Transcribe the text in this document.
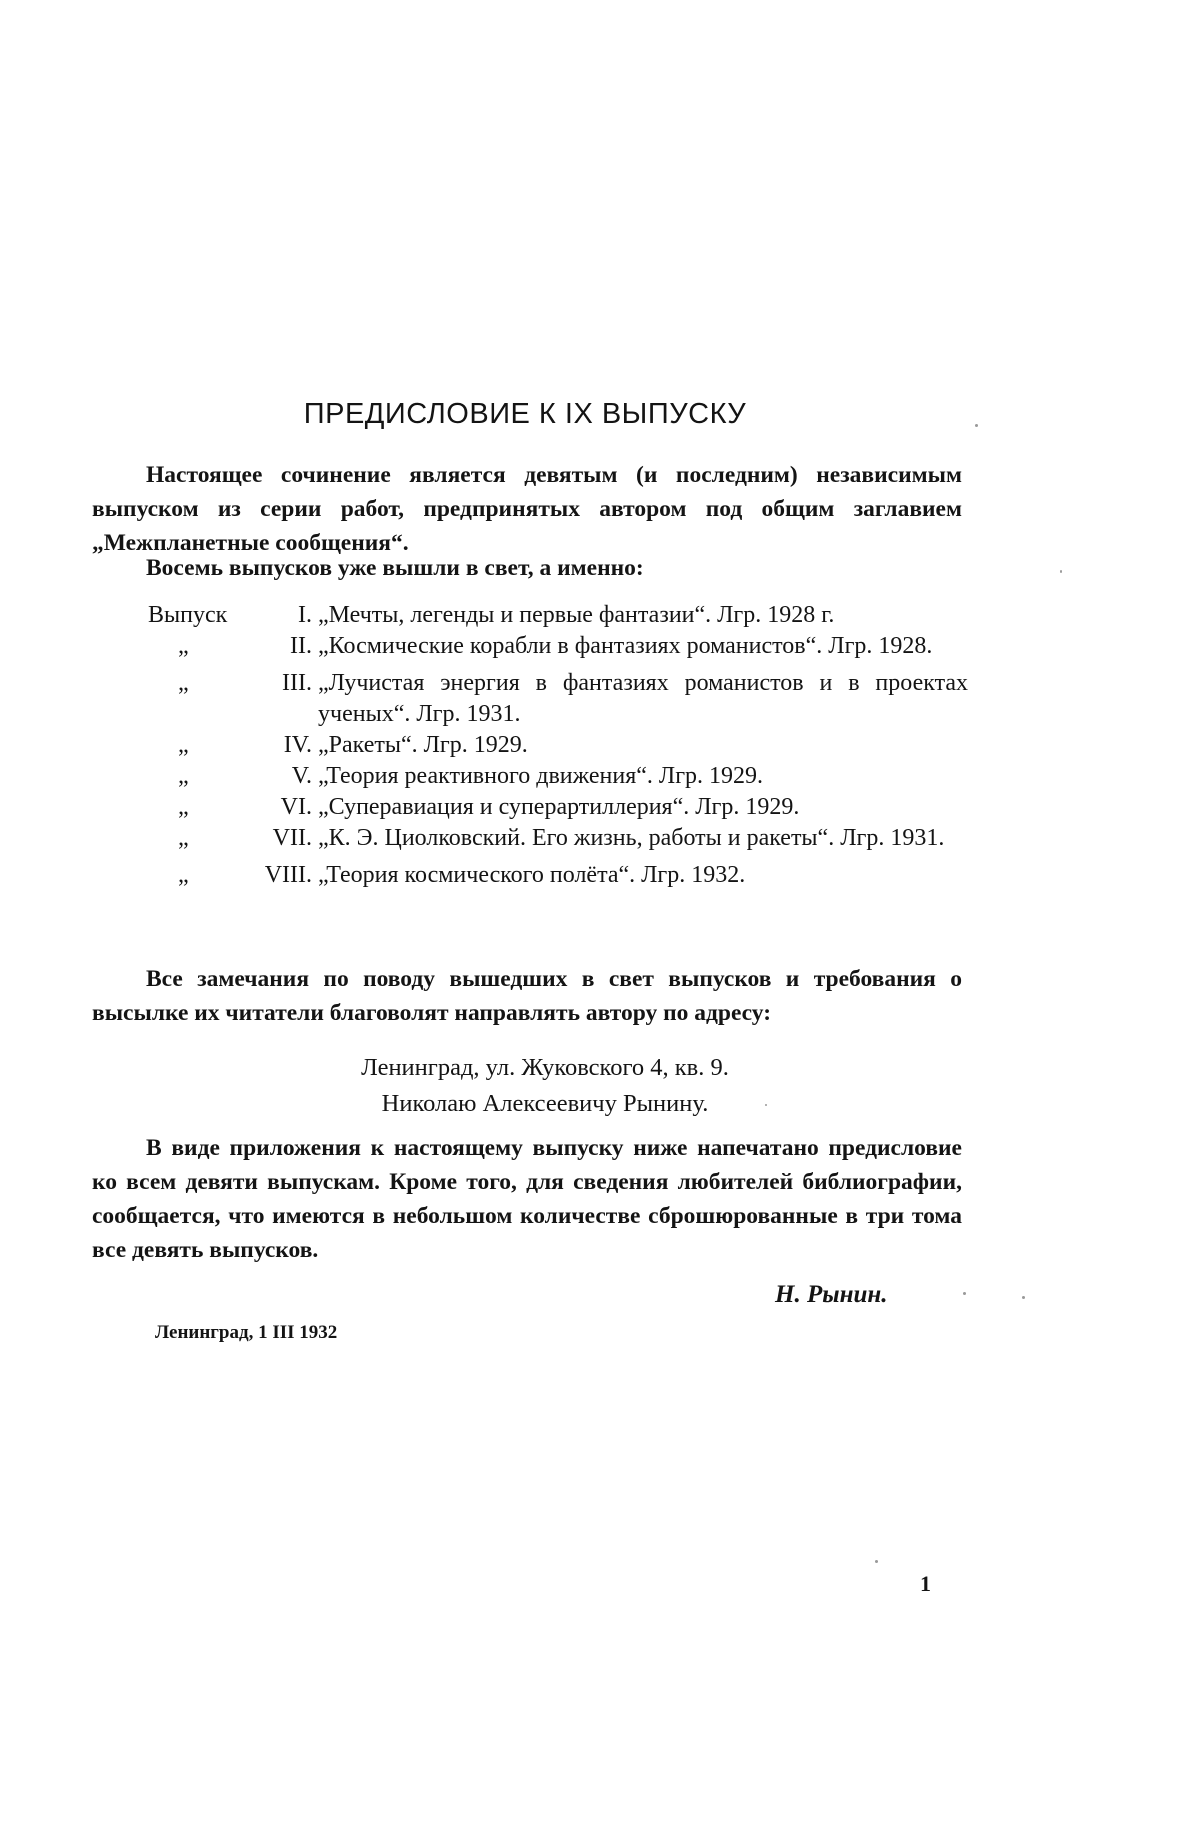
ПРЕДИСЛОВИЕ К IX ВЫПУСКУ
Настоящее сочинение является девятым (и последним) независимым выпуском из серии работ, предпринятых автором под общим заглавием „Межпланетные сообщения“.
Восемь выпусков уже вышли в свет, а именно:
Выпуск	I. „Мечты, легенды и первые фантазии“. Лгр. 1928 г.
„	II. „Космические корабли в фантазиях романистов“. Лгр. 1928.
„	III. „Лучистая энергия в фантазиях романистов и в проектах ученых“. Лгр. 1931.
„	IV. „Ракеты“. Лгр. 1929.
„	V. „Теория реактивного движения“. Лгр. 1929.
„	VI. „Суперавиация и суперартиллерия“. Лгр. 1929.
„	VII. „К. Э. Циолковский. Его жизнь, работы и ракеты“. Лгр. 1931.
„	VIII. „Теория космического полёта“. Лгр. 1932.
Все замечания по поводу вышедших в свет выпусков и требования о высылке их читатели благоволят направлять автору по адресу:
Ленинград, ул. Жуковского 4, кв. 9.
Николаю Алексеевичу Рынину.
В виде приложения к настоящему выпуску ниже напечатано предисловие ко всем девяти выпускам. Кроме того, для сведения любителей библиографии, сообщается, что имеются в небольшом количестве сброшюрованные в три тома все девять выпусков.
Н. Рынин.
Ленинград, 1 III 1932
1
